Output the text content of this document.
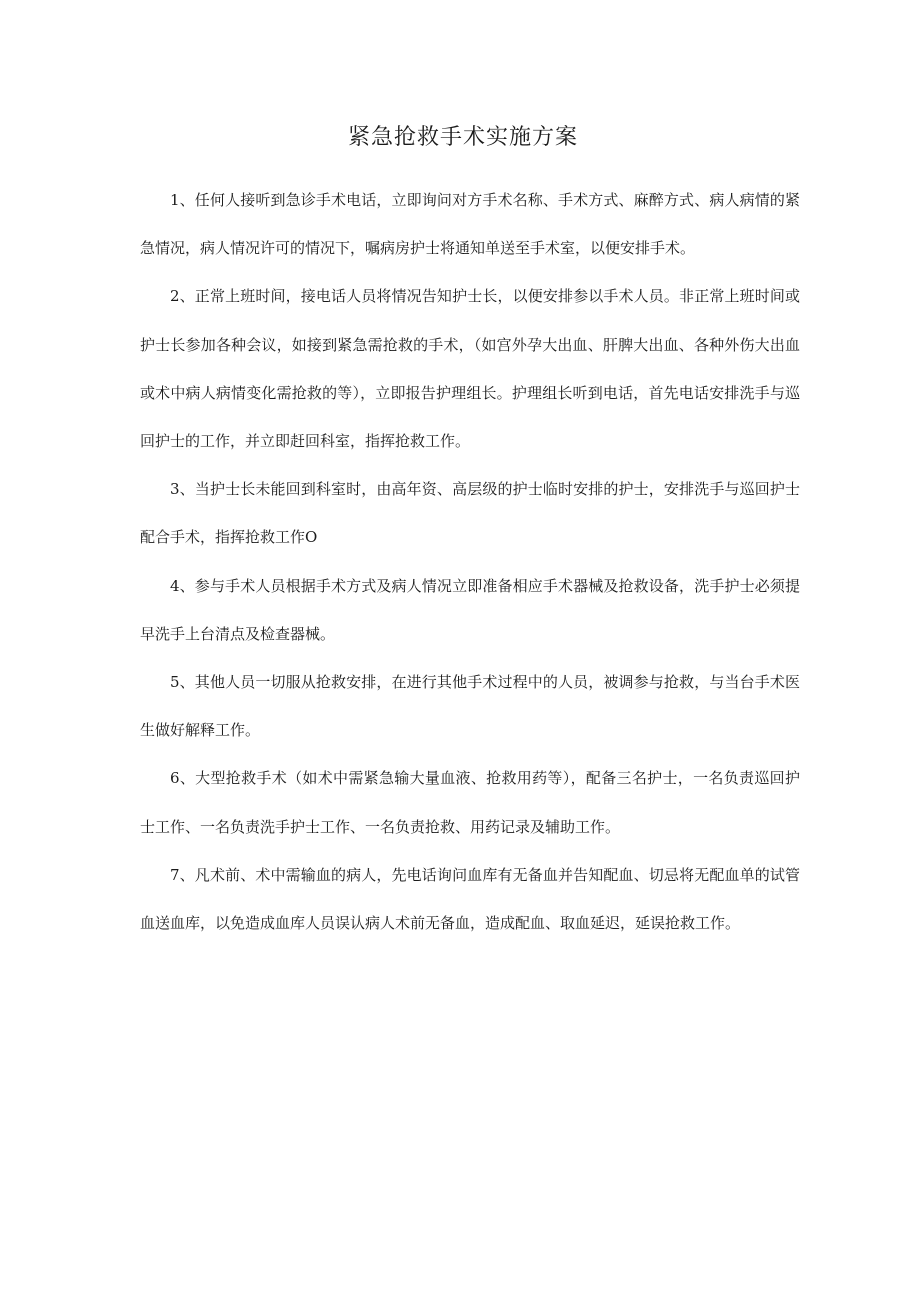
紧急抢救手术实施方案

1、任何人接听到急诊手术电话，立即询问对方手术名称、手术方式、麻醉方式、病人病情的紧急情况，病人情况许可的情况下，嘱病房护士将通知单送至手术室，以便安排手术。

2、正常上班时间，接电话人员将情况告知护士长，以便安排参以手术人员。非正常上班时间或护士长参加各种会议，如接到紧急需抢救的手术，（如宫外孕大出血、肝脾大出血、各种外伤大出血或术中病人病情变化需抢救的等），立即报告护理组长。护理组长听到电话，首先电话安排洗手与巡回护士的工作，并立即赶回科室，指挥抢救工作。

3、当护士长未能回到科室时，由高年资、高层级的护士临时安排的护士，安排洗手与巡回护士配合手术，指挥抢救工作O

4、参与手术人员根据手术方式及病人情况立即准备相应手术器械及抢救设备，洗手护士必须提早洗手上台清点及检查器械。

5、其他人员一切服从抢救安排，在进行其他手术过程中的人员，被调参与抢救，与当台手术医生做好解释工作。

6、大型抢救手术（如术中需紧急输大量血液、抢救用药等），配备三名护士，一名负责巡回护士工作、一名负责洗手护士工作、一名负责抢救、用药记录及辅助工作。

7、凡术前、术中需输血的病人，先电话询问血库有无备血并告知配血、切忌将无配血单的试管血送血库，以免造成血库人员误认病人术前无备血，造成配血、取血延迟，延误抢救工作。
